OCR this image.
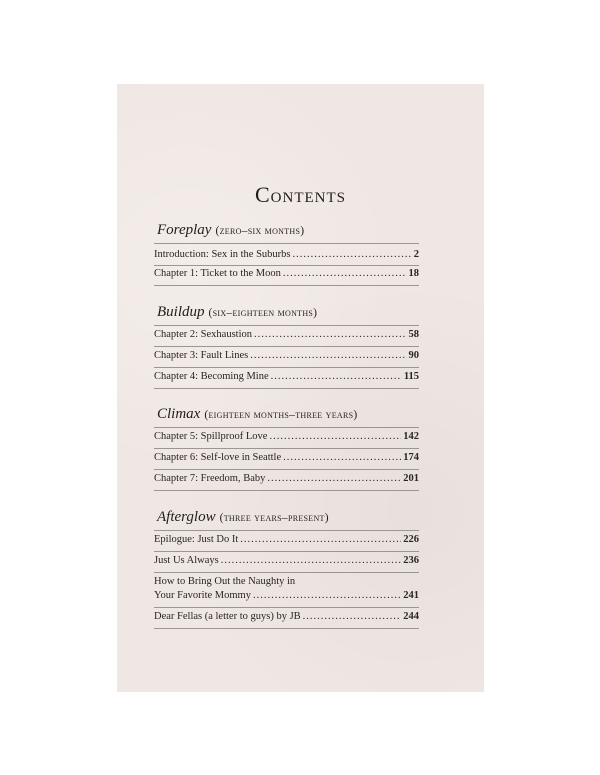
Contents
Foreplay (zero–six months)
Introduction: Sex in the Suburbs .....	2
Chapter 1: Ticket to the Moon .....	18
Buildup (six–eighteen months)
Chapter 2: Sexhaustion .....	58
Chapter 3: Fault Lines .....	90
Chapter 4: Becoming Mine .....	115
Climax (eighteen months–three years)
Chapter 5: Spillproof Love .....	142
Chapter 6: Self-love in Seattle .....	174
Chapter 7: Freedom, Baby .....	201
Afterglow (three years–present)
Epilogue: Just Do It .....	226
Just Us Always .....	236
How to Bring Out the Naughty in
Your Favorite Mommy .....	241
Dear Fellas (a letter to guys) by JB .....	244
